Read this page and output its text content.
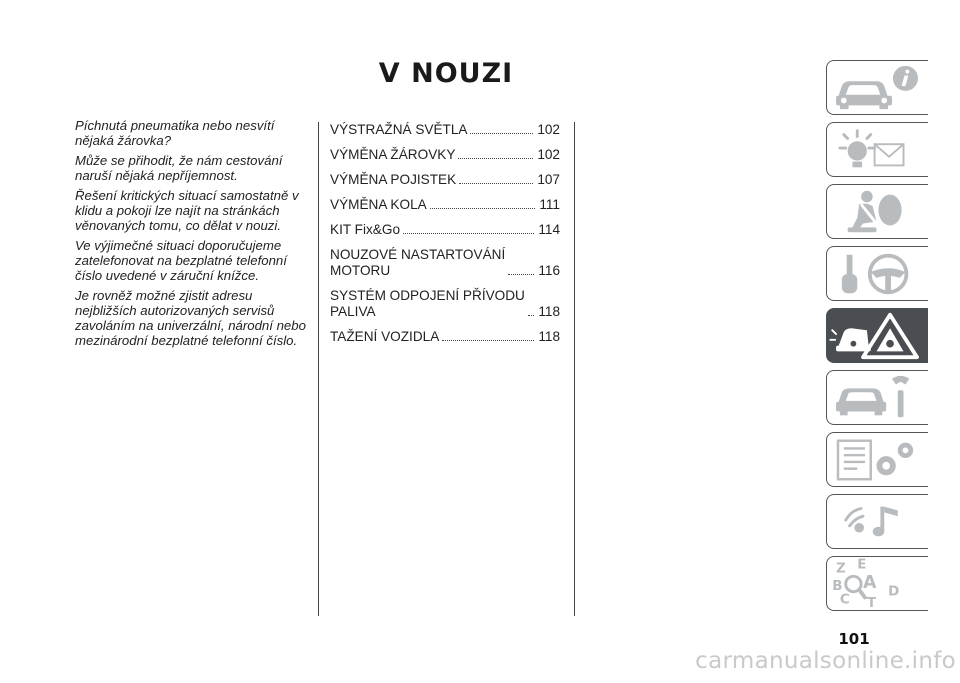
V NOUZI

Píchnutá pneumatika nebo nesvítí nějaká žárovka?

Může se přihodit, že nám cestování naruší nějaká nepříjemnost.

Řešení kritických situací samostatně v klidu a pokoji lze najít na stránkách věnovaných tomu, co dělat v nouzi.

Ve výjimečné situaci doporučujeme zatelefonovat na bezplatné telefonní číslo uvedené v záruční knížce.

Je rovněž možné zjistit adresu nejbližších autorizovaných servisů zavoláním na univerzální, národní nebo mezinárodní bezplatné telefonní číslo.

VÝSTRAŽNÁ SVĚTLA	102
VÝMĚNA ŽÁROVKY	102
VÝMĚNA POJISTEK	107
VÝMĚNA KOLA	111
KIT Fix&Go	114
NOUZOVÉ NASTARTOVÁNÍ
MOTORU	116
SYSTÉM ODPOJENÍ PŘÍVODU
PALIVA	118
TAŽENÍ VOZIDLA	118
Z E
B A
C T
D
101
carmanualsonline.info
